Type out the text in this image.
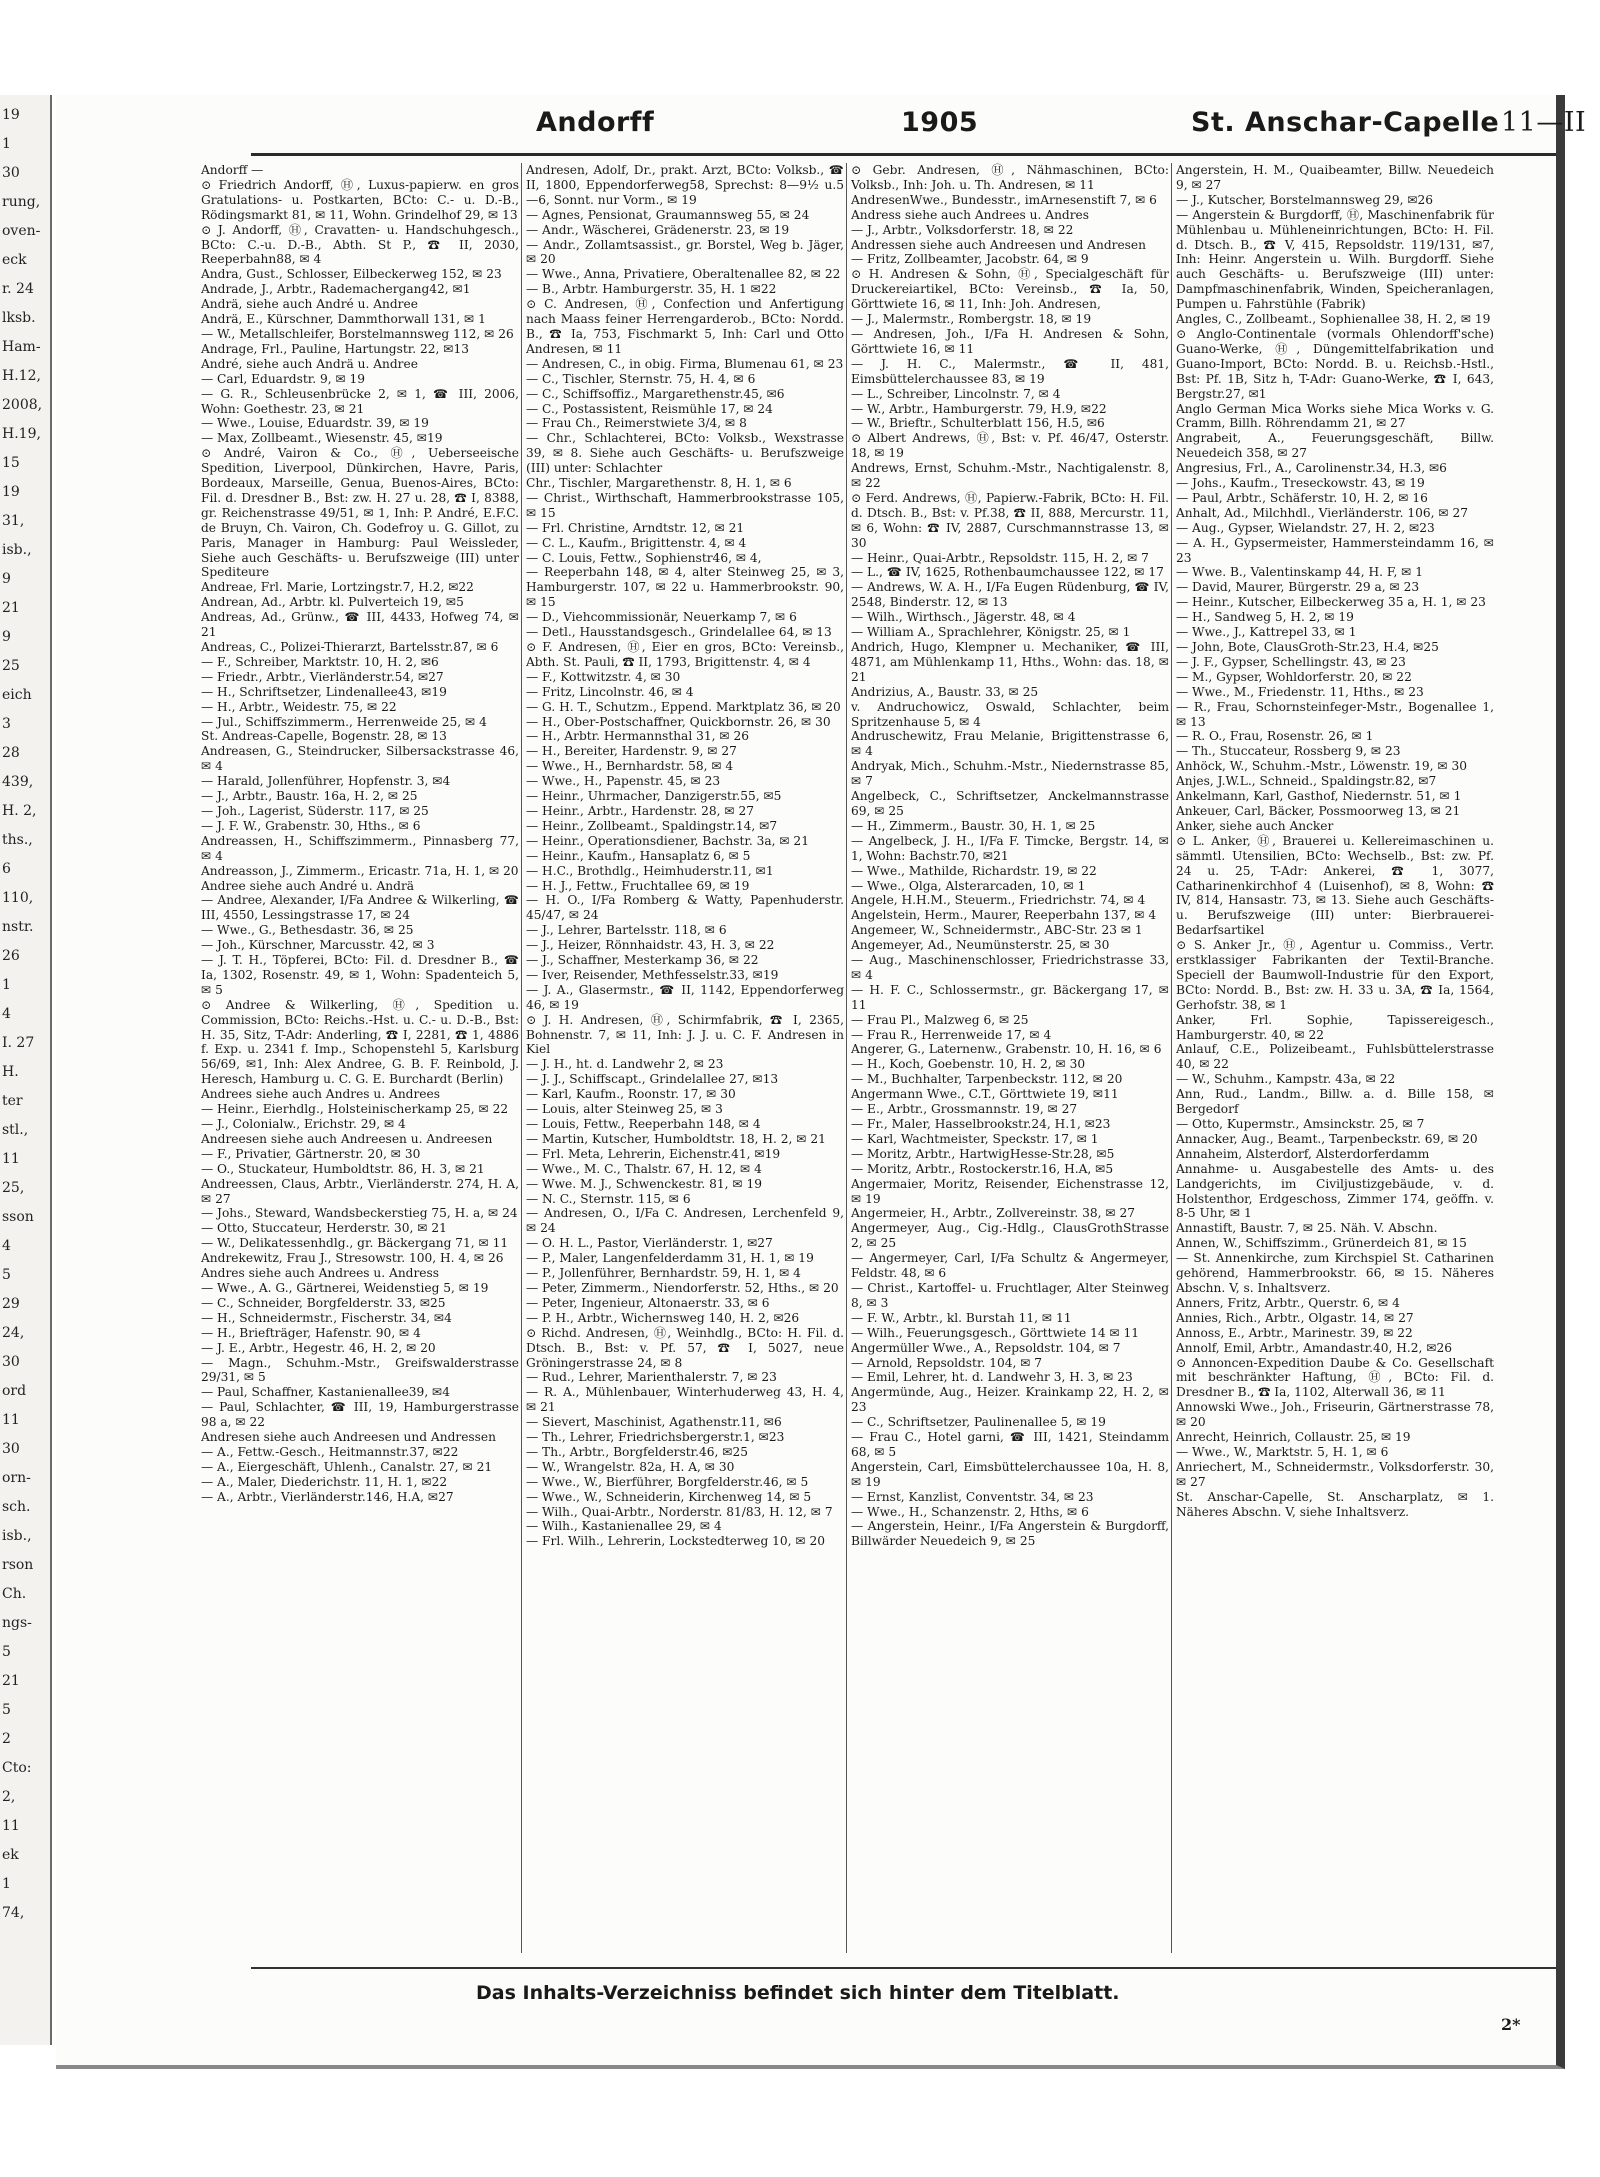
19
1
30
rung,
oven-
eck
r. 24
lksb.
Ham-
H.12,
2008,
H.19,
15
19
31,
isb.,
9
21
9
25
eich
3
28
439,
H. 2,
ths.,
6
110,
nstr.
26
1
4
I. 27
H.
ter
stl.,
11
25,
sson
4
5
29
24,
30
ord
11
30
orn-
sch.
isb.,
rson
Ch.
ngs-
5
21
5
2
Cto:
2,
11
ek
1
74,
Andorff	1905	St. Anschar-Capelle 11—II
Andorff —
⊙ Friedrich Andorff, Ⓗ, Luxus-papierw. en gros Gratulations- u. Postkarten, BCto: C.- u. D.-B., Rödingsmarkt 81, ✉ 11, Wohn. Grindelhof 29, ✉ 13
⊙ J. Andorff, Ⓗ, Cravatten- u. Handschuhgesch., BCto: C.-u. D.-B., Abth. St P., ☎ II, 2030, Reeperbahn88, ✉ 4
Andra, Gust., Schlosser, Eilbeckerweg 152, ✉ 23
Andrade, J., Arbtr., Rademachergang42, ✉1
Andrä, siehe auch André u. Andree
Andrä, E., Kürschner, Dammthorwall 131, ✉ 1
— W., Metallschleifer, Borstelmannsweg 112, ✉ 26
Andrage, Frl., Pauline, Hartungstr. 22, ✉13
André, siehe auch Andrä u. Andree
— Carl, Eduardstr. 9, ✉ 19
— G. R., Schleusenbrücke 2, ✉ 1, ☎ III, 2006, Wohn: Goethestr. 23, ✉ 21
— Wwe., Louise, Eduardstr. 39, ✉ 19
— Max, Zollbeamt., Wiesenstr. 45, ✉19
⊙ André, Vairon & Co., Ⓗ, Ueberseeische Spedition, Liverpool, Dünkirchen, Havre, Paris, Bordeaux, Marseille, Genua, Buenos-Aires, BCto: Fil. d. Dresdner B., Bst: zw. H. 27 u. 28, ☎ I, 8388, gr. Reichenstrasse 49/51, ✉ 1, Inh: P. André, E.F.C. de Bruyn, Ch. Vairon, Ch. Godefroy u. G. Gillot, zu Paris, Manager in Hamburg: Paul Weissleder, Siehe auch Geschäfts- u. Berufszweige (III) unter Spediteure
Andreae, Frl. Marie, Lortzingstr.7, H.2, ✉22
Andrean, Ad., Arbtr. kl. Pulverteich 19, ✉5
Andreas, Ad., Grünw., ☎ III, 4433, Hofweg 74, ✉ 21
Andreas, C., Polizei-Thierarzt, Bartelsstr.87, ✉ 6
— F., Schreiber, Marktstr. 10, H. 2, ✉6
— Friedr., Arbtr., Vierländerstr.54, ✉27
— H., Schriftsetzer, Lindenallee43, ✉19
— H., Arbtr., Weidestr. 75, ✉ 22
— Jul., Schiffszimmerm., Herrenweide 25, ✉ 4
St. Andreas-Capelle, Bogenstr. 28, ✉ 13
Andreasen, G., Steindrucker, Silbersackstrasse 46, ✉ 4
— Harald, Jollenführer, Hopfenstr. 3, ✉4
— J., Arbtr., Baustr. 16a, H. 2, ✉ 25
— Joh., Lagerist, Süderstr. 117, ✉ 25
— J. F. W., Grabenstr. 30, Hths., ✉ 6
Andreassen, H., Schiffszimmerm., Pinnasberg 77, ✉ 4
Andreasson, J., Zimmerm., Ericastr. 71a, H. 1, ✉ 20
Andree siehe auch André u. Andrä
— Andree, Alexander, I/Fa Andree & Wilkerling, ☎ III, 4550, Lessingstrasse 17, ✉ 24
— Wwe., G., Bethesdastr. 36, ✉ 25
— Joh., Kürschner, Marcusstr. 42, ✉ 3
— J. T. H., Töpferei, BCto: Fil. d. Dresdner B., ☎ Ia, 1302, Rosenstr. 49, ✉ 1, Wohn: Spadenteich 5, ✉ 5
⊙ Andree & Wilkerling, Ⓗ, Spedition u. Commission, BCto: Reichs.-Hst. u. C.- u. D.-B., Bst: H. 35, Sitz, T-Adr: Anderling, ☎ I, 2281, ☎ 1, 4886 f. Exp. u. 2341 f. Imp., Schopenstehl 5, Karlsburg 56/69, ✉1, Inh: Alex Andree, G. B. F. Reinbold, J. Heresch, Hamburg u. C. G. E. Burchardt (Berlin)
Andrees siehe auch Andres u. Andrees
— Heinr., Eierhdlg., Holsteinischerkamp 25, ✉ 22
— J., Colonialw., Erichstr. 29, ✉ 4
Andreesen siehe auch Andreesen u. Andreesen
— F., Privatier, Gärtnerstr. 20, ✉ 30
— O., Stuckateur, Humboldtstr. 86, H. 3, ✉ 21
Andreessen, Claus, Arbtr., Vierländerstr. 274, H. A, ✉ 27
— Johs., Steward, Wandsbeckerstieg 75, H. a, ✉ 24
— Otto, Stuccateur, Herderstr. 30, ✉ 21
— W., Delikatessenhdlg., gr. Bäckergang 71, ✉ 11
Andrekewitz, Frau J., Stresowstr. 100, H. 4, ✉ 26
Andres siehe auch Andrees u. Andress
— Wwe., A. G., Gärtnerei, Weidenstieg 5, ✉ 19
— C., Schneider, Borgfelderstr. 33, ✉25
— H., Schneidermstr., Fischerstr. 34, ✉4
— H., Briefträger, Hafenstr. 90, ✉ 4
— J. E., Arbtr., Hegestr. 46, H. 2, ✉ 20
— Magn., Schuhm.-Mstr., Greifswalderstrasse 29/31, ✉ 5
— Paul, Schaffner, Kastanienallee39, ✉4
— Paul, Schlachter, ☎ III, 19, Hamburgerstrasse 98 a, ✉ 22
Andresen siehe auch Andreesen und Andressen
— A., Fettw.-Gesch., Heitmannstr.37, ✉22
— A., Eiergeschäft, Uhlenh., Canalstr. 27, ✉ 21
— A., Maler, Diederichstr. 11, H. 1, ✉22
— A., Arbtr., Vierländerstr.146, H.A, ✉27
Andresen, Adolf, Dr., prakt. Arzt, BCto: Volksb., ☎ II, 1800, Eppendorferweg58, Sprechst: 8—9½ u.5—6, Sonnt. nur Vorm., ✉ 19
— Agnes, Pensionat, Graumannsweg 55, ✉ 24
— Andr., Wäscherei, Grädenerstr. 23, ✉ 19
— Andr., Zollamtsassist., gr. Borstel, Weg b. Jäger, ✉ 20
— Wwe., Anna, Privatiere, Oberaltenallee 82, ✉ 22
— B., Arbtr. Hamburgerstr. 35, H. 1 ✉22
⊙ C. Andresen, Ⓗ, Confection und Anfertigung nach Maass feiner Herrengarderob., BCto: Nordd. B., ☎ Ia, 753, Fischmarkt 5, Inh: Carl und Otto Andresen, ✉ 11
— Andresen, C., in obig. Firma, Blumenau 61, ✉ 23
— C., Tischler, Sternstr. 75, H. 4, ✉ 6
— C., Schiffsoffiz., Margarethenstr.45, ✉6
— C., Postassistent, Reismühle 17, ✉ 24
— Frau Ch., Reimerstwiete 3/4, ✉ 8
— Chr., Schlachterei, BCto: Volksb., Wexstrasse 39, ✉ 8. Siehe auch Geschäfts- u. Berufszweige (III) unter: Schlachter
Chr., Tischler, Margarethenstr. 8, H. 1, ✉ 6
— Christ., Wirthschaft, Hammerbrookstrasse 105, ✉ 15
— Frl. Christine, Arndtstr. 12, ✉ 21
— C. L., Kaufm., Brigittenstr. 4, ✉ 4
— C. Louis, Fettw., Sophienstr46, ✉ 4,
— Reeperbahn 148, ✉ 4, alter Steinweg 25, ✉ 3, Hamburgerstr. 107, ✉ 22 u. Hammerbrookstr. 90, ✉ 15
— D., Viehcommissionär, Neuerkamp 7, ✉ 6
— Detl., Hausstandsgesch., Grindelallee 64, ✉ 13
⊙ F. Andresen, Ⓗ, Eier en gros, BCto: Vereinsb., Abth. St. Pauli, ☎ II, 1793, Brigittenstr. 4, ✉ 4
— F., Kottwitzstr. 4, ✉ 30
— Fritz, Lincolnstr. 46, ✉ 4
— G. H. T., Schutzm., Eppend. Marktplatz 36, ✉ 20
— H., Ober-Postschaffner, Quickbornstr. 26, ✉ 30
— H., Arbtr. Hermannsthal 31, ✉ 26
— H., Bereiter, Hardenstr. 9, ✉ 27
— Wwe., H., Bernhardstr. 58, ✉ 4
— Wwe., H., Papenstr. 45, ✉ 23
— Heinr., Uhrmacher, Danzigerstr.55, ✉5
— Heinr., Arbtr., Hardenstr. 28, ✉ 27
— Heinr., Zollbeamt., Spaldingstr.14, ✉7
— Heinr., Operationsdiener, Bachstr. 3a, ✉ 21
— Heinr., Kaufm., Hansaplatz 6, ✉ 5
— H.C., Brothdlg., Heimhuderstr.11, ✉1
— H. J., Fettw., Fruchtallee 69, ✉ 19
— H. O., I/Fa Romberg & Watty, Papenhuderstr. 45/47, ✉ 24
— J., Lehrer, Bartelsstr. 118, ✉ 6
— J., Heizer, Rönnhaidstr. 43, H. 3, ✉ 22
— J., Schaffner, Mesterkamp 36, ✉ 22
— Iver, Reisender, Methfesselstr.33, ✉19
— J. A., Glasermstr., ☎ II, 1142, Eppendorferweg 46, ✉ 19
⊙ J. H. Andresen, Ⓗ, Schirmfabrik, ☎ I, 2365, Bohnenstr. 7, ✉ 11, Inh: J. J. u. C. F. Andresen in Kiel
— J. H., ht. d. Landwehr 2, ✉ 23
— J. J., Schiffscapt., Grindelallee 27, ✉13
— Karl, Kaufm., Roonstr. 17, ✉ 30
— Louis, alter Steinweg 25, ✉ 3
— Louis, Fettw., Reeperbahn 148, ✉ 4
— Martin, Kutscher, Humboldtstr. 18, H. 2, ✉ 21
— Frl. Meta, Lehrerin, Eichenstr.41, ✉19
— Wwe., M. C., Thalstr. 67, H. 12, ✉ 4
— Wwe. M. J., Schwenckestr. 81, ✉ 19
— N. C., Sternstr. 115, ✉ 6
— Andresen, O., I/Fa C. Andresen, Lerchenfeld 9, ✉ 24
— O. H. L., Pastor, Vierländerstr. 1, ✉27
— P., Maler, Langenfelderdamm 31, H. 1, ✉ 19
— P., Jollenführer, Bernhardstr. 59, H. 1, ✉ 4
— Peter, Zimmerm., Niendorferstr. 52, Hths., ✉ 20
— Peter, Ingenieur, Altonaerstr. 33, ✉ 6
— P. H., Arbtr., Wichernsweg 140, H. 2, ✉26
⊙ Richd. Andresen, Ⓗ, Weinhdlg., BCto: H. Fil. d. Dtsch. B., Bst: v. Pf. 57, ☎ I, 5027, neue Gröningerstrasse 24, ✉ 8
— Rud., Lehrer, Marienthalerstr. 7, ✉ 23
— R. A., Mühlenbauer, Winterhuderweg 43, H. 4, ✉ 21
— Sievert, Maschinist, Agathenstr.11, ✉6
— Th., Lehrer, Friedrichsbergerstr.1, ✉23
— Th., Arbtr., Borgfelderstr.46, ✉25
— W., Wrangelstr. 82a, H. A, ✉ 30
— Wwe., W., Bierführer, Borgfelderstr.46, ✉ 5
— Wwe., W., Schneiderin, Kirchenweg 14, ✉ 5
— Wilh., Quai-Arbtr., Norderstr. 81/83, H. 12, ✉ 7
— Wilh., Kastanienallee 29, ✉ 4
— Frl. Wilh., Lehrerin, Lockstedterweg 10, ✉ 20
⊙ Gebr. Andresen, Ⓗ, Nähmaschinen, BCto: Volksb., Inh: Joh. u. Th. Andresen, ✉ 11
AndresenWwe., Bundesstr., imArnesenstift 7, ✉ 6
Andress siehe auch Andrees u. Andres
— J., Arbtr., Volksdorferstr. 18, ✉ 22
Andressen siehe auch Andreesen und Andresen
— Fritz, Zollbeamter, Jacobstr. 64, ✉ 9
⊙ H. Andresen & Sohn, Ⓗ, Specialgeschäft für Druckereiartikel, BCto: Vereinsb., ☎ Ia, 50, Görttwiete 16, ✉ 11, Inh: Joh. Andresen,
— J., Malermstr., Rombergstr. 18, ✉ 19
— Andresen, Joh., I/Fa H. Andresen & Sohn, Görttwiete 16, ✉ 11
— J. H. C., Malermstr., ☎ II, 481, Eimsbüttelerchaussee 83, ✉ 19
— L., Schreiber, Lincolnstr. 7, ✉ 4
— W., Arbtr., Hamburgerstr. 79, H.9, ✉22
— W., Brieftr., Schulterblatt 156, H.5, ✉6
⊙ Albert Andrews, Ⓗ, Bst: v. Pf. 46/47, Osterstr. 18, ✉ 19
Andrews, Ernst, Schuhm.-Mstr., Nachtigalenstr. 8, ✉ 22
⊙ Ferd. Andrews, Ⓗ, Papierw.-Fabrik, BCto: H. Fil. d. Dtsch. B., Bst: v. Pf.38, ☎ II, 888, Mercurstr. 11, ✉ 6, Wohn: ☎ IV, 2887, Curschmannstrasse 13, ✉ 30
— Heinr., Quai-Arbtr., Repsoldstr. 115, H. 2, ✉ 7
— L., ☎ IV, 1625, Rothenbaumchaussee 122, ✉ 17
— Andrews, W. A. H., I/Fa Eugen Rüdenburg, ☎ IV, 2548, Binderstr. 12, ✉ 13
— Wilh., Wirthsch., Jägerstr. 48, ✉ 4
— William A., Sprachlehrer, Königstr. 25, ✉ 1
Andrich, Hugo, Klempner u. Mechaniker, ☎ III, 4871, am Mühlenkamp 11, Hths., Wohn: das. 18, ✉ 21
Andrizius, A., Baustr. 33, ✉ 25
v. Andruchowicz, Oswald, Schlachter, beim Spritzenhause 5, ✉ 4
Andruschewitz, Frau Melanie, Brigittenstrasse 6, ✉ 4
Andryak, Mich., Schuhm.-Mstr., Niedernstrasse 85, ✉ 7
Angelbeck, C., Schriftsetzer, Anckelmannstrasse 69, ✉ 25
— H., Zimmerm., Baustr. 30, H. 1, ✉ 25
— Angelbeck, J. H., I/Fa F. Timcke, Bergstr. 14, ✉ 1, Wohn: Bachstr.70, ✉21
— Wwe., Mathilde, Richardstr. 19, ✉ 22
— Wwe., Olga, Alsterarcaden, 10, ✉ 1
Angele, H.H.M., Steuerm., Friedrichstr. 74, ✉ 4
Angelstein, Herm., Maurer, Reeperbahn 137, ✉ 4
Angemeer, W., Schneidermstr., ABC-Str. 23 ✉ 1
Angemeyer, Ad., Neumünsterstr. 25, ✉ 30
— Aug., Maschinenschlosser, Friedrichstrasse 33, ✉ 4
— H. F. C., Schlossermstr., gr. Bäckergang 17, ✉ 11
— Frau Pl., Malzweg 6, ✉ 25
— Frau R., Herrenweide 17, ✉ 4
Angerer, G., Laternenw., Grabenstr. 10, H. 16, ✉ 6
— H., Koch, Goebenstr. 10, H. 2, ✉ 30
— M., Buchhalter, Tarpenbeckstr. 112, ✉ 20
Angermann Wwe., C.T., Görttwiete 19, ✉11
— E., Arbtr., Grossmannstr. 19, ✉ 27
— Fr., Maler, Hasselbrookstr.24, H.1, ✉23
— Karl, Wachtmeister, Speckstr. 17, ✉ 1
— Moritz, Arbtr., HartwigHesse-Str.28, ✉5
— Moritz, Arbtr., Rostockerstr.16, H.A, ✉5
Angermaier, Moritz, Reisender, Eichenstrasse 12, ✉ 19
Angermeier, H., Arbtr., Zollvereinstr. 38, ✉ 27
Angermeyer, Aug., Cig.-Hdlg., ClausGrothStrasse 2, ✉ 25
— Angermeyer, Carl, I/Fa Schultz & Angermeyer, Feldstr. 48, ✉ 6
— Christ., Kartoffel- u. Fruchtlager, Alter Steinweg 8, ✉ 3
— F. W., Arbtr., kl. Burstah 11, ✉ 11
— Wilh., Feuerungsgesch., Görttwiete 14 ✉ 11
Angermüller Wwe., A., Repsoldstr. 104, ✉ 7
— Arnold, Repsoldstr. 104, ✉ 7
— Emil, Lehrer, ht. d. Landwehr 3, H. 3, ✉ 23
Angermünde, Aug., Heizer. Krainkamp 22, H. 2, ✉ 23
— C., Schriftsetzer, Paulinenallee 5, ✉ 19
— Frau C., Hotel garni, ☎ III, 1421, Steindamm 68, ✉ 5
Angerstein, Carl, Eimsbüttelerchaussee 10a, H. 8, ✉ 19
— Ernst, Kanzlist, Conventstr. 34, ✉ 23
— Wwe., H., Schanzenstr. 2, Hths, ✉ 6
— Angerstein, Heinr., I/Fa Angerstein & Burgdorff, Billwärder Neuedeich 9, ✉ 25
Angerstein, H. M., Quaibeamter, Billw. Neuedeich 9, ✉ 27
— J., Kutscher, Borstelmannsweg 29, ✉26
— Angerstein & Burgdorff, Ⓗ, Maschinenfabrik für Mühlenbau u. Mühleneinrichtungen, BCto: H. Fil. d. Dtsch. B., ☎ V, 415, Repsoldstr. 119/131, ✉7, Inh: Heinr. Angerstein u. Wilh. Burgdorff. Siehe auch Geschäfts- u. Berufszweige (III) unter: Dampfmaschinenfabrik, Winden, Speicheranlagen, Pumpen u. Fahrstühle (Fabrik)
Angles, C., Zollbeamt., Sophienallee 38, H. 2, ✉ 19
⊙ Anglo-Continentale (vormals Ohlendorff'sche) Guano-Werke, Ⓗ, Düngemittelfabrikation und Guano-Import, BCto: Nordd. B. u. Reichsb.-Hstl., Bst: Pf. 1B, Sitz h, T-Adr: Guano-Werke, ☎ I, 643, Bergstr.27, ✉1
Anglo German Mica Works siehe Mica Works v. G. Cramm, Billh. Röhrendamm 21, ✉ 27
Angrabeit, A., Feuerungsgeschäft, Billw. Neuedeich 358, ✉ 27
Angresius, Frl., A., Carolinenstr.34, H.3, ✉6
— Johs., Kaufm., Treseckowstr. 43, ✉ 19
— Paul, Arbtr., Schäferstr. 10, H. 2, ✉ 16
Anhalt, Ad., Milchhdl., Vierländerstr. 106, ✉ 27
— Aug., Gypser, Wielandstr. 27, H. 2, ✉23
— A. H., Gypsermeister, Hammersteindamm 16, ✉ 23
— Wwe. B., Valentinskamp 44, H. F, ✉ 1
— David, Maurer, Bürgerstr. 29 a, ✉ 23
— Heinr., Kutscher, Eilbeckerweg 35 a, H. 1, ✉ 23
— H., Sandweg 5, H. 2, ✉ 19
— Wwe., J., Kattrepel 33, ✉ 1
— John, Bote, ClausGroth-Str.23, H.4, ✉25
— J. F., Gypser, Schellingstr. 43, ✉ 23
— M., Gypser, Wohldorferstr. 20, ✉ 22
— Wwe., M., Friedenstr. 11, Hths., ✉ 23
— R., Frau, Schornsteinfeger-Mstr., Bogenallee 1, ✉ 13
— R. O., Frau, Rosenstr. 26, ✉ 1
— Th., Stuccateur, Rossberg 9, ✉ 23
Anhöck, W., Schuhm.-Mstr., Löwenstr. 19, ✉ 30
Anjes, J.W.L., Schneid., Spaldingstr.82, ✉7
Ankelmann, Karl, Gasthof, Niedernstr. 51, ✉ 1
Ankeuer, Carl, Bäcker, Possmoorweg 13, ✉ 21
Anker, siehe auch Ancker
⊙ L. Anker, Ⓗ, Brauerei u. Kellereimaschinen u. sämmtl. Utensilien, BCto: Wechselb., Bst: zw. Pf. 24 u. 25, T-Adr: Ankerei, ☎ 1, 3077, Catharinenkirchhof 4 (Luisenhof), ✉ 8, Wohn: ☎ IV, 814, Hansastr. 73, ✉ 13. Siehe auch Geschäfts- u. Berufszweige (III) unter: Bierbrauerei-Bedarfsartikel
⊙ S. Anker Jr., Ⓗ, Agentur u. Commiss., Vertr. erstklassiger Fabrikanten der Textil-Branche. Speciell der Baumwoll-Industrie für den Export, BCto: Nordd. B., Bst: zw. H. 33 u. 3A, ☎ Ia, 1564, Gerhofstr. 38, ✉ 1
Anker, Frl. Sophie, Tapissereigesch., Hamburgerstr. 40, ✉ 22
Anlauf, C.E., Polizeibeamt., Fuhlsbüttelerstrasse 40, ✉ 22
— W., Schuhm., Kampstr. 43a, ✉ 22
Ann, Rud., Landm., Billw. a. d. Bille 158, ✉ Bergedorf
— Otto, Kupermstr., Amsinckstr. 25, ✉ 7
Annacker, Aug., Beamt., Tarpenbeckstr. 69, ✉ 20
Annaheim, Alsterdorf, Alsterdorferdamm
Annahme- u. Ausgabestelle des Amts- u. des Landgerichts, im Civiljustizgebäude, v. d. Holstenthor, Erdgeschoss, Zimmer 174, geöffn. v. 8-5 Uhr, ✉ 1
Annastift, Baustr. 7, ✉ 25. Näh. V. Abschn.
Annen, W., Schiffszimm., Grünerdeich 81, ✉ 15
— St. Annenkirche, zum Kirchspiel St. Catharinen gehörend, Hammerbrookstr. 66, ✉ 15. Näheres Abschn. V, s. Inhaltsverz.
Anners, Fritz, Arbtr., Querstr. 6, ✉ 4
Annies, Rich., Arbtr., Olgastr. 14, ✉ 27
Annoss, E., Arbtr., Marinestr. 39, ✉ 22
Annolf, Emil, Arbtr., Amandastr.40, H.2, ✉26
⊙ Annoncen-Expedition Daube & Co. Gesellschaft mit beschränkter Haftung, Ⓗ, BCto: Fil. d. Dresdner B., ☎ Ia, 1102, Alterwall 36, ✉ 11
Annowski Wwe., Joh., Friseurin, Gärtnerstrasse 78, ✉ 20
Anrecht, Heinrich, Collaustr. 25, ✉ 19
— Wwe., W., Marktstr. 5, H. 1, ✉ 6
Anriechert, M., Schneidermstr., Volksdorferstr. 30, ✉ 27
St. Anschar-Capelle, St. Anscharplatz, ✉ 1. Näheres Abschn. V, siehe Inhaltsverz.
Das Inhalts-Verzeichniss befindet sich hinter dem Titelblatt.
2*
